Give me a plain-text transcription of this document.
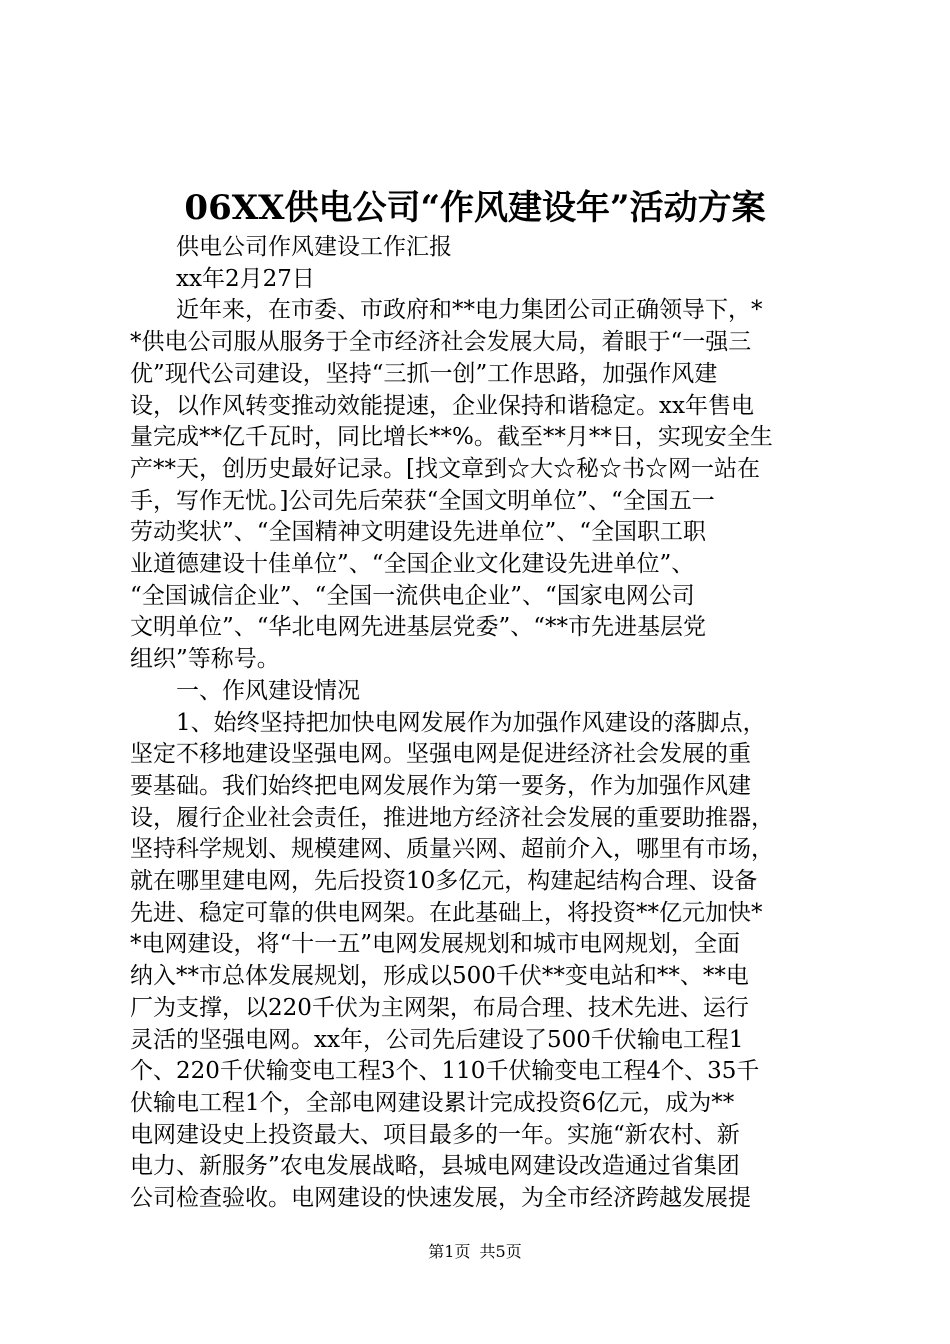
06XX供电公司“作风建设年”活动方案
供电公司作风建设工作汇报
xx年2月27日
近年来，在市委、市政府和**电力集团公司正确领导下，*
*供电公司服从服务于全市经济社会发展大局，着眼于“一强三
优”现代公司建设，坚持“三抓一创”工作思路，加强作风建
设，以作风转变推动效能提速，企业保持和谐稳定。xx年售电
量完成**亿千瓦时，同比增长**%。截至**月**日，实现安全生
产**天，创历史最好记录。[找文章到☆大☆秘☆书☆网一站在
手，写作无忧。]公司先后荣获“全国文明单位”、“全国五一
劳动奖状”、“全国精神文明建设先进单位”、“全国职工职
业道德建设十佳单位”、“全国企业文化建设先进单位”、
“全国诚信企业”、“全国一流供电企业”、“国家电网公司
文明单位”、“华北电网先进基层党委”、“**市先进基层党
组织”等称号。
一、作风建设情况
1、始终坚持把加快电网发展作为加强作风建设的落脚点，
坚定不移地建设坚强电网。坚强电网是促进经济社会发展的重
要基础。我们始终把电网发展作为第一要务，作为加强作风建
设，履行企业社会责任，推进地方经济社会发展的重要助推器，
坚持科学规划、规模建网、质量兴网、超前介入，哪里有市场，
就在哪里建电网，先后投资10多亿元，构建起结构合理、设备
先进、稳定可靠的供电网架。在此基础上，将投资**亿元加快*
*电网建设，将“十一五”电网发展规划和城市电网规划，全面
纳入**市总体发展规划，形成以500千伏**变电站和**、**电
厂为支撑，以220千伏为主网架，布局合理、技术先进、运行
灵活的坚强电网。xx年，公司先后建设了500千伏输电工程1
个、220千伏输变电工程3个、110千伏输变电工程4个、35千
伏输电工程1个，全部电网建设累计完成投资6亿元，成为**
电网建设史上投资最大、项目最多的一年。实施“新农村、新
电力、新服务”农电发展战略，县城电网建设改造通过省集团
公司检查验收。电网建设的快速发展，为全市经济跨越发展提
第1页 共5页
